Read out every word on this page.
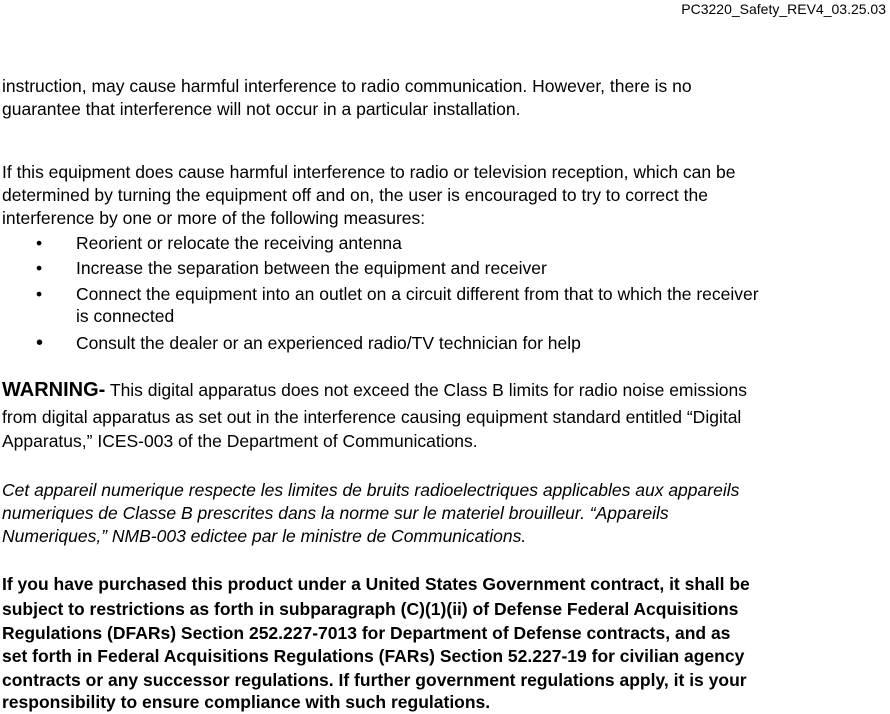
PC3220_Safety_REV4_03.25.03
instruction, may cause harmful interference to radio communication. However, there is no
guarantee that interference will not occur in a particular installation.
If this equipment does cause harmful interference to radio or television reception, which can be
determined by turning the equipment off and on, the user is encouraged to try to correct the
interference by one or more of the following measures:
• Reorient or relocate the receiving antenna
• Increase the separation between the equipment and receiver
• Connect the equipment into an outlet on a circuit different from that to which the receiver
is connected
• Consult the dealer or an experienced radio/TV technician for help
WARNING- This digital apparatus does not exceed the Class B limits for radio noise emissions
from digital apparatus as set out in the interference causing equipment standard entitled “Digital
Apparatus,” ICES-003 of the Department of Communications.
Cet appareil numerique respecte les limites de bruits radioelectriques applicables aux appareils
numeriques de Classe B prescrites dans la norme sur le materiel brouilleur. “Appareils
Numeriques,” NMB-003 edictee par le ministre de Communications.
If you have purchased this product under a United States Government contract, it shall be
subject to restrictions as forth in subparagraph (C)(1)(ii) of Defense Federal Acquisitions
Regulations (DFARs) Section 252.227-7013 for Department of Defense contracts, and as
set forth in Federal Acquisitions Regulations (FARs) Section 52.227-19 for civilian agency
contracts or any successor regulations. If further government regulations apply, it is your
responsibility to ensure compliance with such regulations.
